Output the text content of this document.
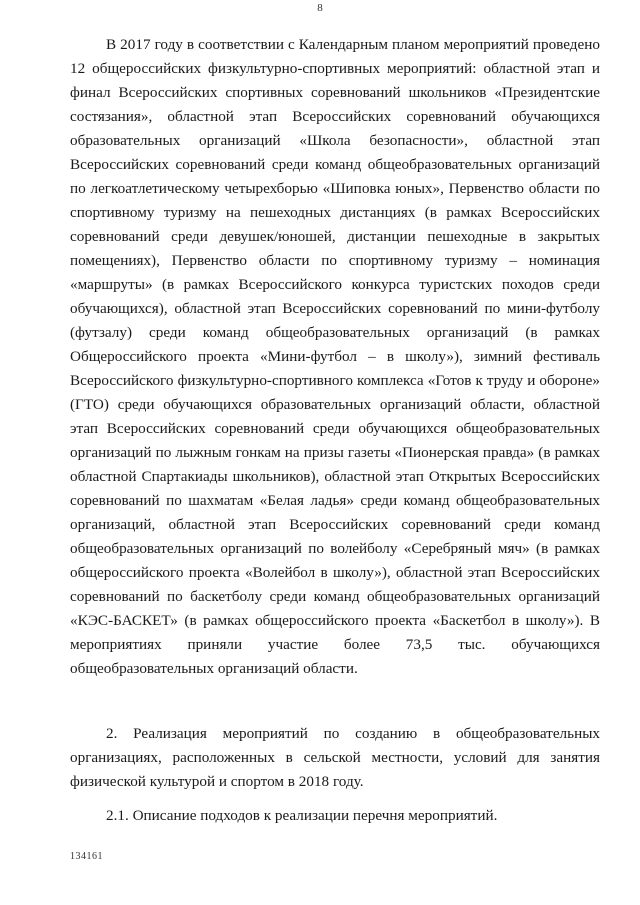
8

В 2017 году в соответствии с Календарным планом мероприятий проведено 12 общероссийских физкультурно-спортивных мероприятий: областной этап и финал Всероссийских спортивных соревнований школьников «Президентские состязания», областной этап Всероссийских соревнований обучающихся образовательных организаций «Школа безопасности», областной этап Всероссийских соревнований среди команд общеобразовательных организаций по легкоатлетическому четырехборью «Шиповка юных», Первенство области по спортивному туризму на пешеходных дистанциях (в рамках Всероссийских соревнований среди девушек/юношей, дистанции пешеходные в закрытых помещениях), Первенство области по спортивному туризму – номинация «маршруты» (в рамках Всероссийского конкурса туристских походов среди обучающихся), областной этап Всероссийских соревнований по мини-футболу (футзалу) среди команд общеобразовательных организаций (в рамках Общероссийского проекта «Мини-футбол – в школу»), зимний фестиваль Всероссийского физкультурно-спортивного комплекса «Готов к труду и обороне» (ГТО) среди обучающихся образовательных организаций области, областной этап Всероссийских соревнований среди обучающихся общеобразовательных организаций по лыжным гонкам на призы газеты «Пионерская правда» (в рамках областной Спартакиады школьников), областной этап Открытых Всероссийских соревнований по шахматам «Белая ладья» среди команд общеобразовательных организаций, областной этап Всероссийских соревнований среди команд общеобразовательных организаций по волейболу «Серебряный мяч» (в рамках общероссийского проекта «Волейбол в школу»), областной этап Всероссийских соревнований по баскетболу среди команд общеобразовательных организаций «КЭС-БАСКЕТ» (в рамках общероссийского проекта «Баскетбол в школу»). В мероприятиях приняли участие более 73,5 тыс. обучающихся общеобразовательных организаций области.

2. Реализация мероприятий по созданию в общеобразовательных организациях, расположенных в сельской местности, условий для занятия физической культурой и спортом в 2018 году.

2.1. Описание подходов к реализации перечня мероприятий.

134161
